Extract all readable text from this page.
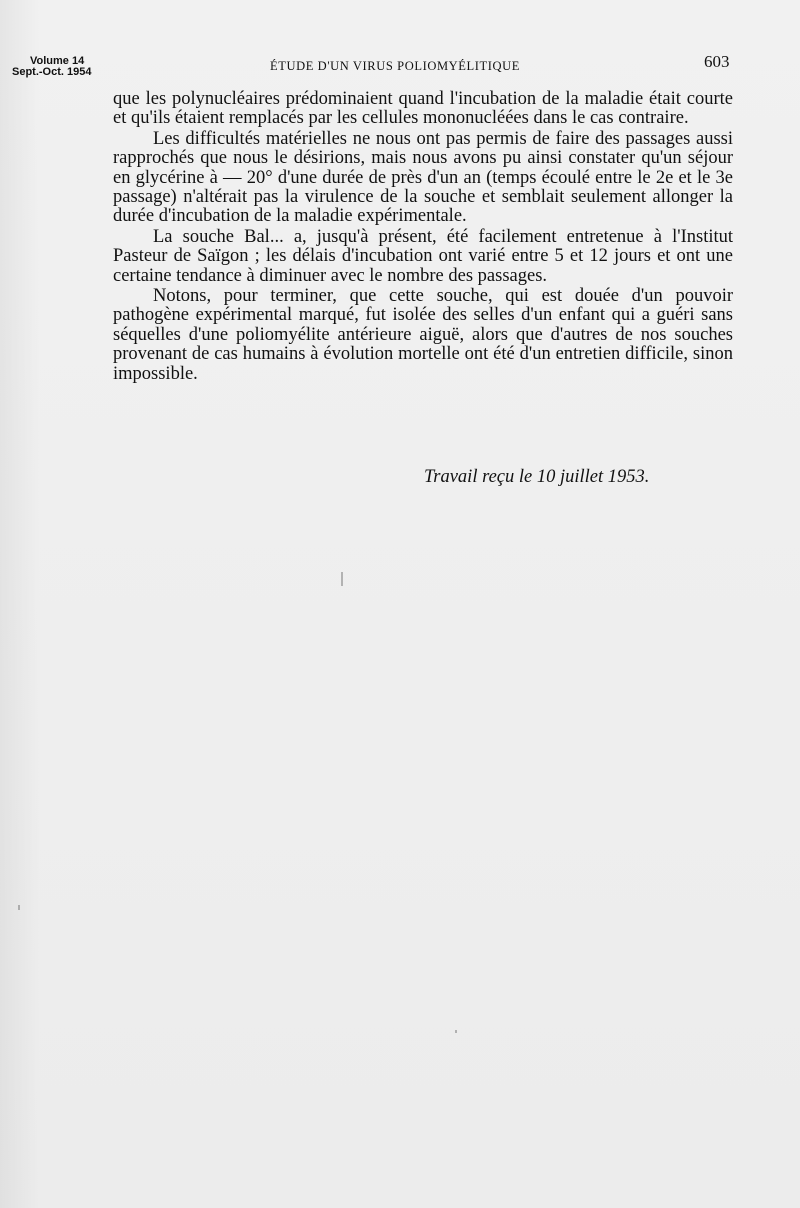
Volume 14
Sept.-Oct. 1954	ÉTUDE D'UN VIRUS POLIOMYÉLITIQUE	603

que les polynucléaires prédominaient quand l'incubation de la maladie était courte et qu'ils étaient remplacés par les cellules mononucléées dans le cas contraire.

Les difficultés matérielles ne nous ont pas permis de faire des passages aussi rapprochés que nous le désirions, mais nous avons pu ainsi constater qu'un séjour en glycérine à — 20° d'une durée de près d'un an (temps écoulé entre le 2e et le 3e passage) n'altérait pas la virulence de la souche et semblait seulement allonger la durée d'incubation de la maladie expérimentale.

La souche Bal... a, jusqu'à présent, été facilement entretenue à l'Institut Pasteur de Saïgon ; les délais d'incubation ont varié entre 5 et 12 jours et ont une certaine tendance à diminuer avec le nombre des passages.

Notons, pour terminer, que cette souche, qui est douée d'un pouvoir pathogène expérimental marqué, fut isolée des selles d'un enfant qui a guéri sans séquelles d'une poliomyélite antérieure aiguë, alors que d'autres de nos souches provenant de cas humains à évolution mortelle ont été d'un entretien difficile, sinon impossible.

Travail reçu le 10 juillet 1953.
